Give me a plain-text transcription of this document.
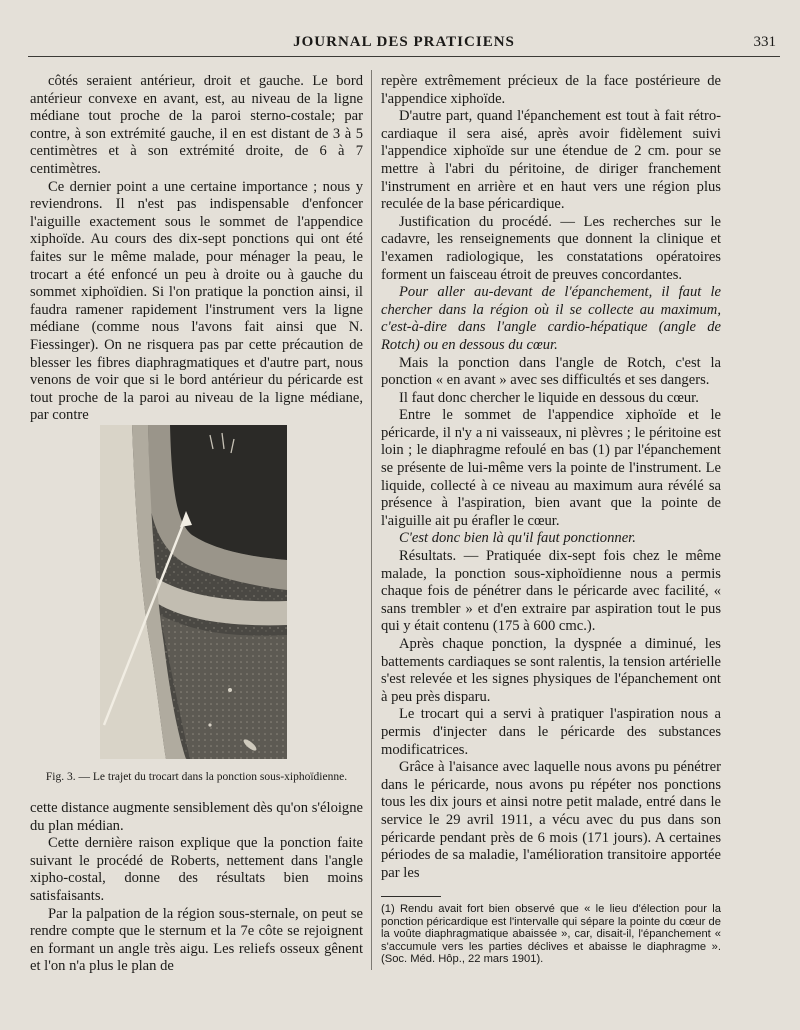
JOURNAL DES PRATICIENS	331

côtés seraient antérieur, droit et gauche. Le bord antérieur convexe en avant, est, au niveau de la ligne médiane tout proche de la paroi sterno-costale; par contre, à son extrémité gauche, il en est distant de 3 à 5 centimètres et à son extrémité droite, de 6 à 7 centimètres.

Ce dernier point a une certaine importance ; nous y reviendrons. Il n'est pas indispensable d'enfoncer l'aiguille exactement sous le sommet de l'appendice xiphoïde. Au cours des dix-sept ponctions qui ont été faites sur le même malade, pour ménager la peau, le trocart a été enfoncé un peu à droite ou à gauche du sommet xiphoïdien. Si l'on pratique la ponction ainsi, il faudra ramener rapidement l'instrument vers la ligne médiane (comme nous l'avons fait ainsi que N. Fiessinger). On ne risquera pas par cette précaution de blesser les fibres diaphragmatiques et d'autre part, nous venons de voir que si le bord antérieur du péricarde est tout proche de la paroi au niveau de la ligne médiane, par contre

Fig. 3. — Le trajet du trocart dans la ponction sous-xiphoïdienne.

cette distance augmente sensiblement dès qu'on s'éloigne du plan médian.

Cette dernière raison explique que la ponction faite suivant le procédé de Roberts, nettement dans l'angle xipho-costal, donne des résultats bien moins satisfaisants.

Par la palpation de la région sous-sternale, on peut se rendre compte que le sternum et la 7e côte se rejoignent en formant un angle très aigu. Les reliefs osseux gênent et l'on n'a plus le plan de

repère extrêmement précieux de la face postérieure de l'appendice xiphoïde.

D'autre part, quand l'épanchement est tout à fait rétro-cardiaque il sera aisé, après avoir fidèlement suivi l'appendice xiphoïde sur une étendue de 2 cm. pour se mettre à l'abri du péritoine, de diriger franchement l'instrument en arrière et en haut vers une région plus reculée de la base péricardique.

Justification du procédé. — Les recherches sur le cadavre, les renseignements que donnent la clinique et l'examen radiologique, les constatations opératoires forment un faisceau étroit de preuves concordantes.

Pour aller au-devant de l'épanchement, il faut le chercher dans la région où il se collecte au maximum, c'est-à-dire dans l'angle cardio-hépatique (angle de Rotch) ou en dessous du cœur.

Mais la ponction dans l'angle de Rotch, c'est la ponction « en avant » avec ses difficultés et ses dangers.

Il faut donc chercher le liquide en dessous du cœur.

Entre le sommet de l'appendice xiphoïde et le péricarde, il n'y a ni vaisseaux, ni plèvres ; le péritoine est loin ; le diaphragme refoulé en bas (1) par l'épanchement se présente de lui-même vers la pointe de l'instrument. Le liquide, collecté à ce niveau au maximum aura révélé sa présence à l'aspiration, bien avant que la pointe de l'aiguille ait pu érafler le cœur.

C'est donc bien là qu'il faut ponctionner.

Résultats. — Pratiquée dix-sept fois chez le même malade, la ponction sous-xiphoïdienne nous a permis chaque fois de pénétrer dans le péricarde avec facilité, « sans trembler » et d'en extraire par aspiration tout le pus qui y était contenu (175 à 600 cmc.).

Après chaque ponction, la dyspnée a diminué, les battements cardiaques se sont ralentis, la tension artérielle s'est relevée et les signes physiques de l'épanchement ont à peu près disparu.

Le trocart qui a servi à pratiquer l'aspiration nous a permis d'injecter dans le péricarde des substances modificatrices.

Grâce à l'aisance avec laquelle nous avons pu pénétrer dans le péricarde, nous avons pu répéter nos ponctions tous les dix jours et ainsi notre petit malade, entré dans le service le 29 avril 1911, a vécu avec du pus dans son péricarde pendant près de 6 mois (171 jours). A certaines périodes de sa maladie, l'amélioration transitoire apportée par les

(1) Rendu avait fort bien observé que « le lieu d'élection pour la ponction péricardique est l'intervalle qui sépare la pointe du cœur de la voûte diaphragmatique abaissée », car, disait-il, l'épanchement « s'accumule vers les parties déclives et abaisse le diaphragme ». (Soc. Méd. Hôp., 22 mars 1901).
